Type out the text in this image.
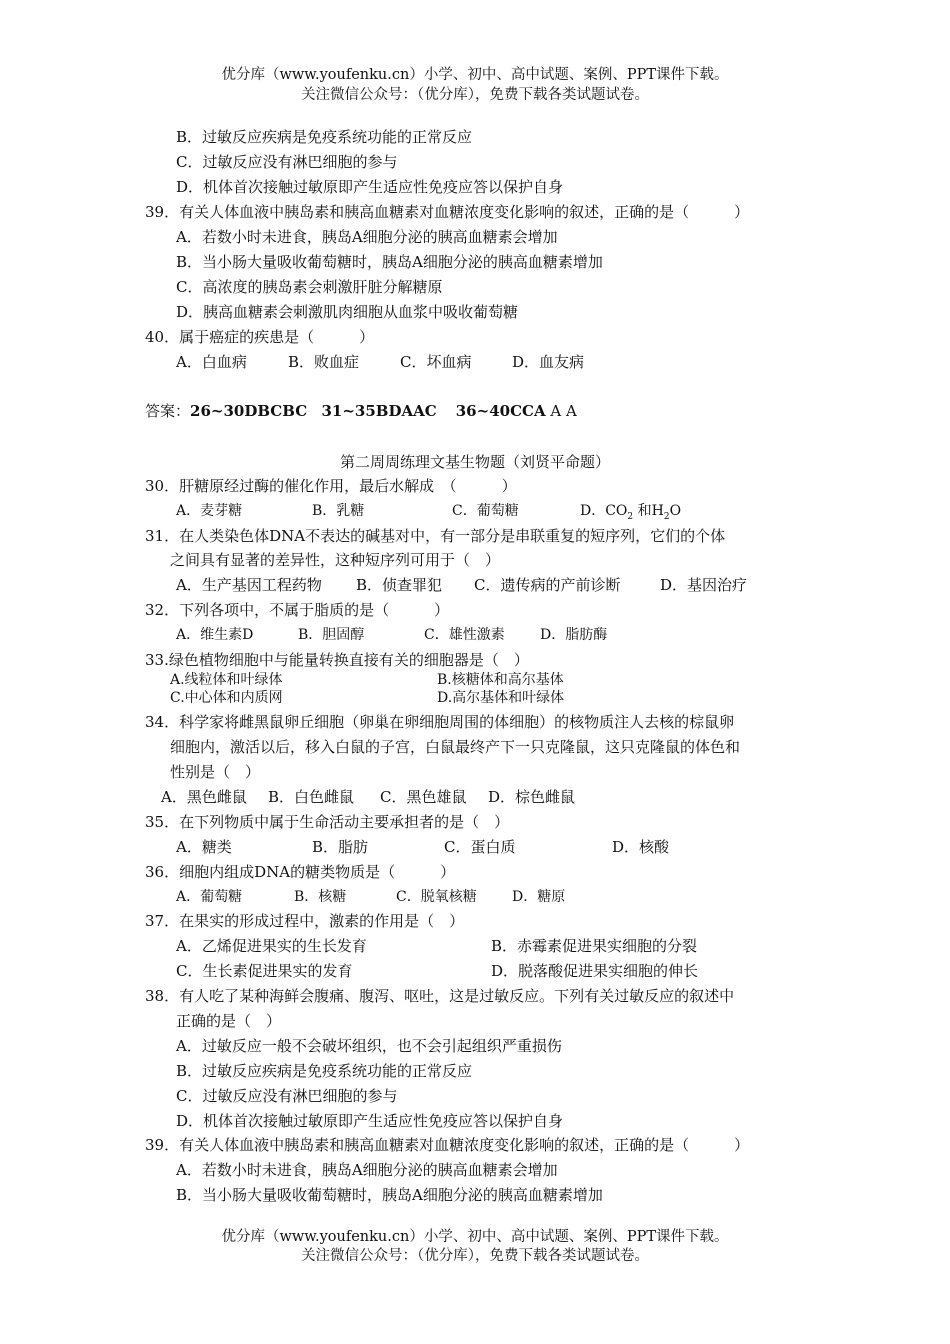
优分库（www.youfenku.cn）小学、初中、高中试题、案例、PPT课件下载。
关注微信公众号：（优分库），免费下载各类试题试卷。
B．过敏反应疾病是免疫系统功能的正常反应
C．过敏反应没有淋巴细胞的参与
D．机体首次接触过敏原即产生适应性免疫应答以保护自身
39．有关人体血液中胰岛素和胰高血糖素对血糖浓度变化影响的叙述，正确的是（　　　）
A．若数小时未进食，胰岛A细胞分泌的胰高血糖素会增加
B．当小肠大量吸收葡萄糖时，胰岛A细胞分泌的胰高血糖素增加
C．高浓度的胰岛素会刺激肝脏分解糖原
D．胰高血糖素会刺激肌肉细胞从血浆中吸收葡萄糖
40．属于癌症的疾患是（　　　）
A．白血病	B．败血症	C．坏血病	D．血友病
答案：26~30DBCBC 31~35BDAAC 36~40CCA A A
第二周周练理文基生物题（刘贤平命题）
30．肝糖原经过酶的催化作用，最后水解成　（　　　）
A．麦芽糖	B．乳糖	C．葡萄糖	D．$CO_2$ 和$H_2O$
31．在人类染色体DNA不表达的碱基对中，有一部分是串联重复的短序列，它们的个体
之间具有显著的差异性，这种短序列可用于（　）
A．生产基因工程药物 B．侦查罪犯 C．遗传病的产前诊断	D．基因治疗
32．下列各项中，不属于脂质的是（　　　）
A．维生素D	B．胆固醇	C．雄性激素	D．脂肪酶
33.绿色植物细胞中与能量转换直接有关的细胞器是（　）
A.线粒体和叶绿体	B.核糖体和高尔基体
C.中心体和内质网	D.高尔基体和叶绿体
34．科学家将雌黑鼠卵丘细胞（卵巢在卵细胞周围的体细胞）的核物质注人去核的棕鼠卵
细胞内，激活以后，移入白鼠的子宫，白鼠最终产下一只克隆鼠，这只克隆鼠的体色和
性别是（　）
A．黑色雌鼠 B．白色雌鼠 C．黑色雄鼠 D．棕色雌鼠
35．在下列物质中属于生命活动主要承担者的是（　）
A．糖类	B．脂肪	C．蛋白质	D．核酸
36．细胞内组成DNA的糖类物质是（　　　）
A．葡萄糖	B．核糖	C．脱氧核糖	D．糖原
37．在果实的形成过程中，激素的作用是（　）
A．乙烯促进果实的生长发育	B．赤霉素促进果实细胞的分裂
C．生长素促进果实的发育	D．脱落酸促进果实细胞的伸长
38．有人吃了某种海鲜会腹痛、腹泻、呕吐，这是过敏反应。下列有关过敏反应的叙述中
正确的是（　）
A．过敏反应一般不会破坏组织，也不会引起组织严重损伤
B．过敏反应疾病是免疫系统功能的正常反应
C．过敏反应没有淋巴细胞的参与
D．机体首次接触过敏原即产生适应性免疫应答以保护自身
39．有关人体血液中胰岛素和胰高血糖素对血糖浓度变化影响的叙述，正确的是（　　　）
A．若数小时未进食，胰岛A细胞分泌的胰高血糖素会增加
B．当小肠大量吸收葡萄糖时，胰岛A细胞分泌的胰高血糖素增加
优分库（www.youfenku.cn）小学、初中、高中试题、案例、PPT课件下载。
关注微信公众号：（优分库），免费下载各类试题试卷。
